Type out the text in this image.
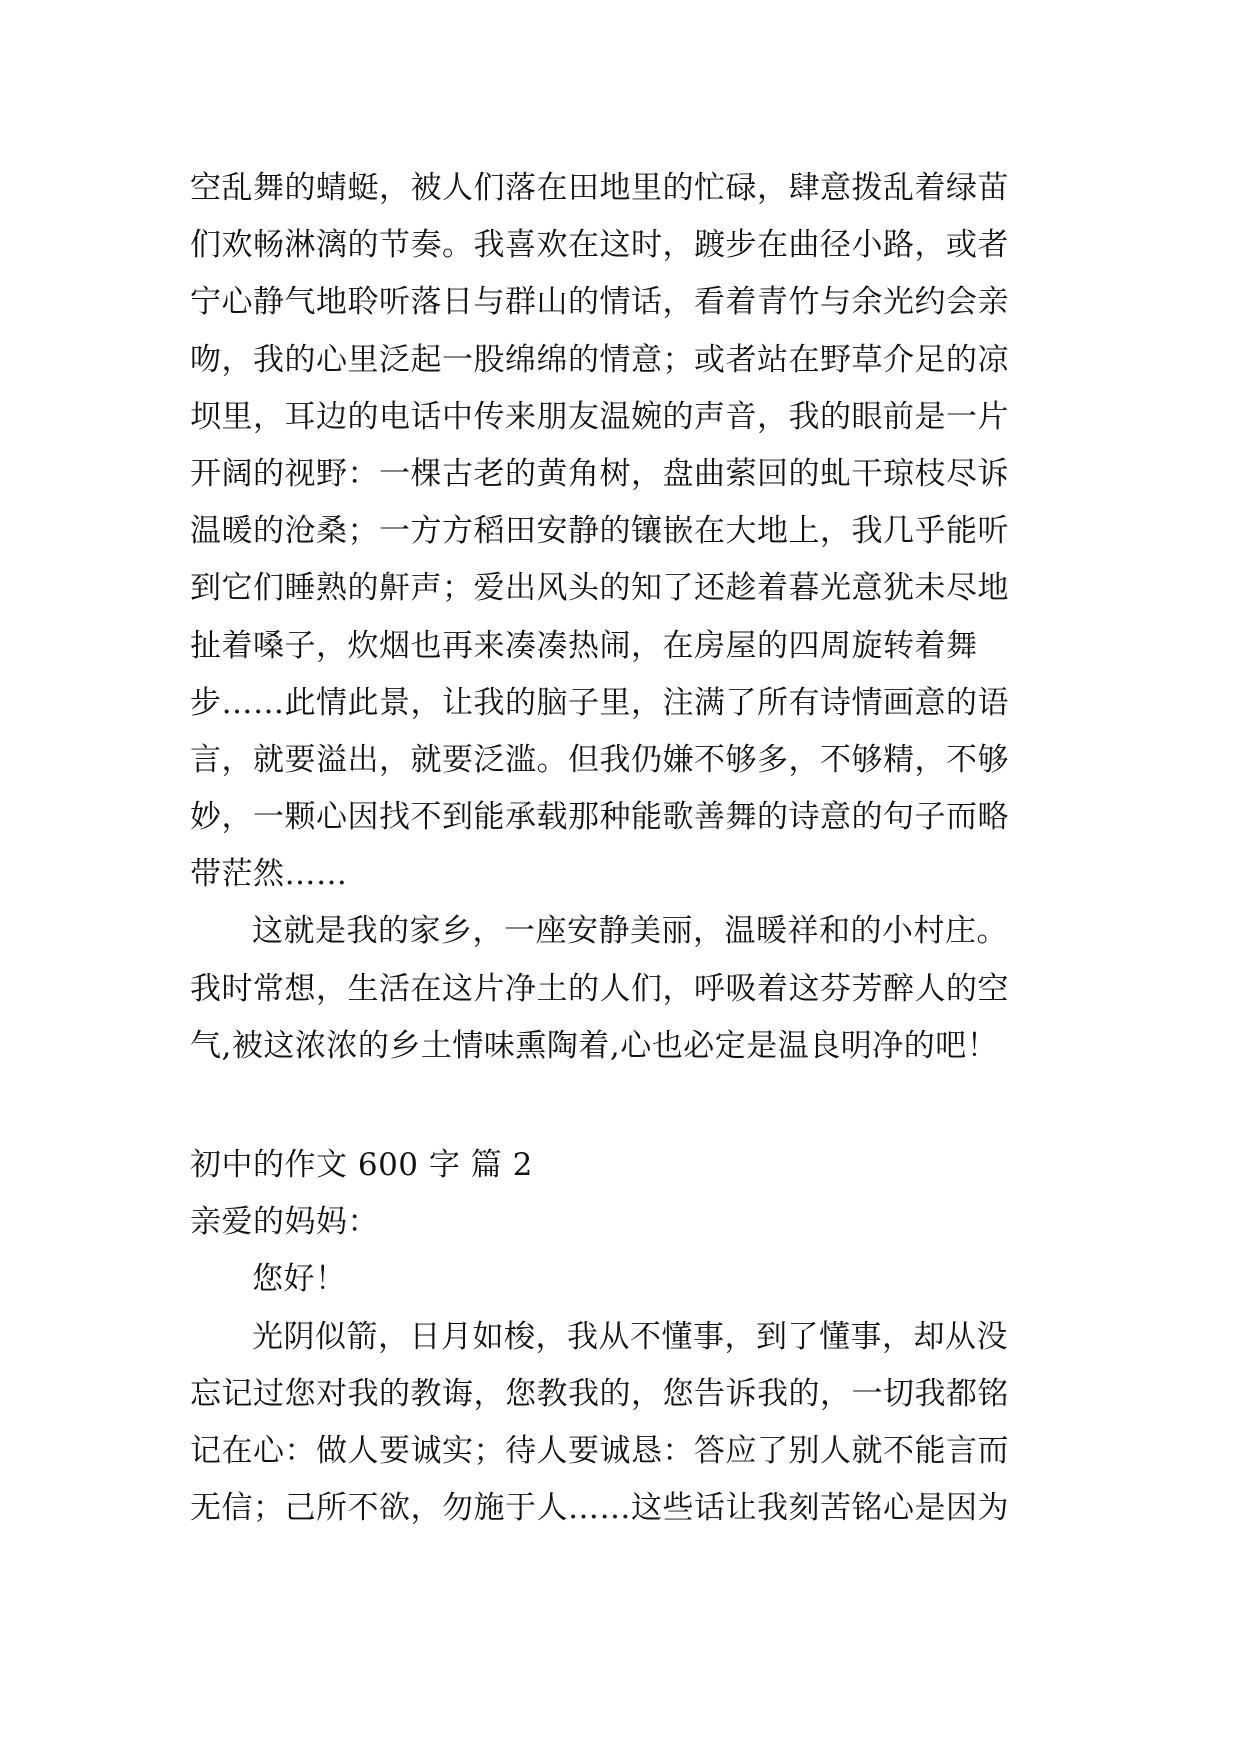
空乱舞的蜻蜓，被人们落在田地里的忙碌，肆意拨乱着绿苗
们欢畅淋漓的节奏。我喜欢在这时，踱步在曲径小路，或者
宁心静气地聆听落日与群山的情话，看着青竹与余光约会亲
吻，我的心里泛起一股绵绵的情意；或者站在野草介足的凉
坝里，耳边的电话中传来朋友温婉的声音，我的眼前是一片
开阔的视野：一棵古老的黄角树，盘曲萦回的虬干琼枝尽诉
温暖的沧桑；一方方稻田安静的镶嵌在大地上，我几乎能听
到它们睡熟的鼾声；爱出风头的知了还趁着暮光意犹未尽地
扯着嗓子，炊烟也再来凑凑热闹，在房屋的四周旋转着舞
步……此情此景，让我的脑子里，注满了所有诗情画意的语
言，就要溢出，就要泛滥。但我仍嫌不够多，不够精，不够
妙，一颗心因找不到能承载那种能歌善舞的诗意的句子而略
带茫然……
这就是我的家乡，一座安静美丽，温暖祥和的小村庄。
我时常想，生活在这片净土的人们，呼吸着这芬芳醉人的空
气,被这浓浓的乡土情味熏陶着,心也必定是温良明净的吧！
初中的作文 600 字 篇 2
亲爱的妈妈：
您好！
光阴似箭，日月如梭，我从不懂事，到了懂事，却从没
忘记过您对我的教诲，您教我的，您告诉我的，一切我都铭
记在心：做人要诚实；待人要诚恳：答应了别人就不能言而
无信；己所不欲，勿施于人……这些话让我刻苦铭心是因为
